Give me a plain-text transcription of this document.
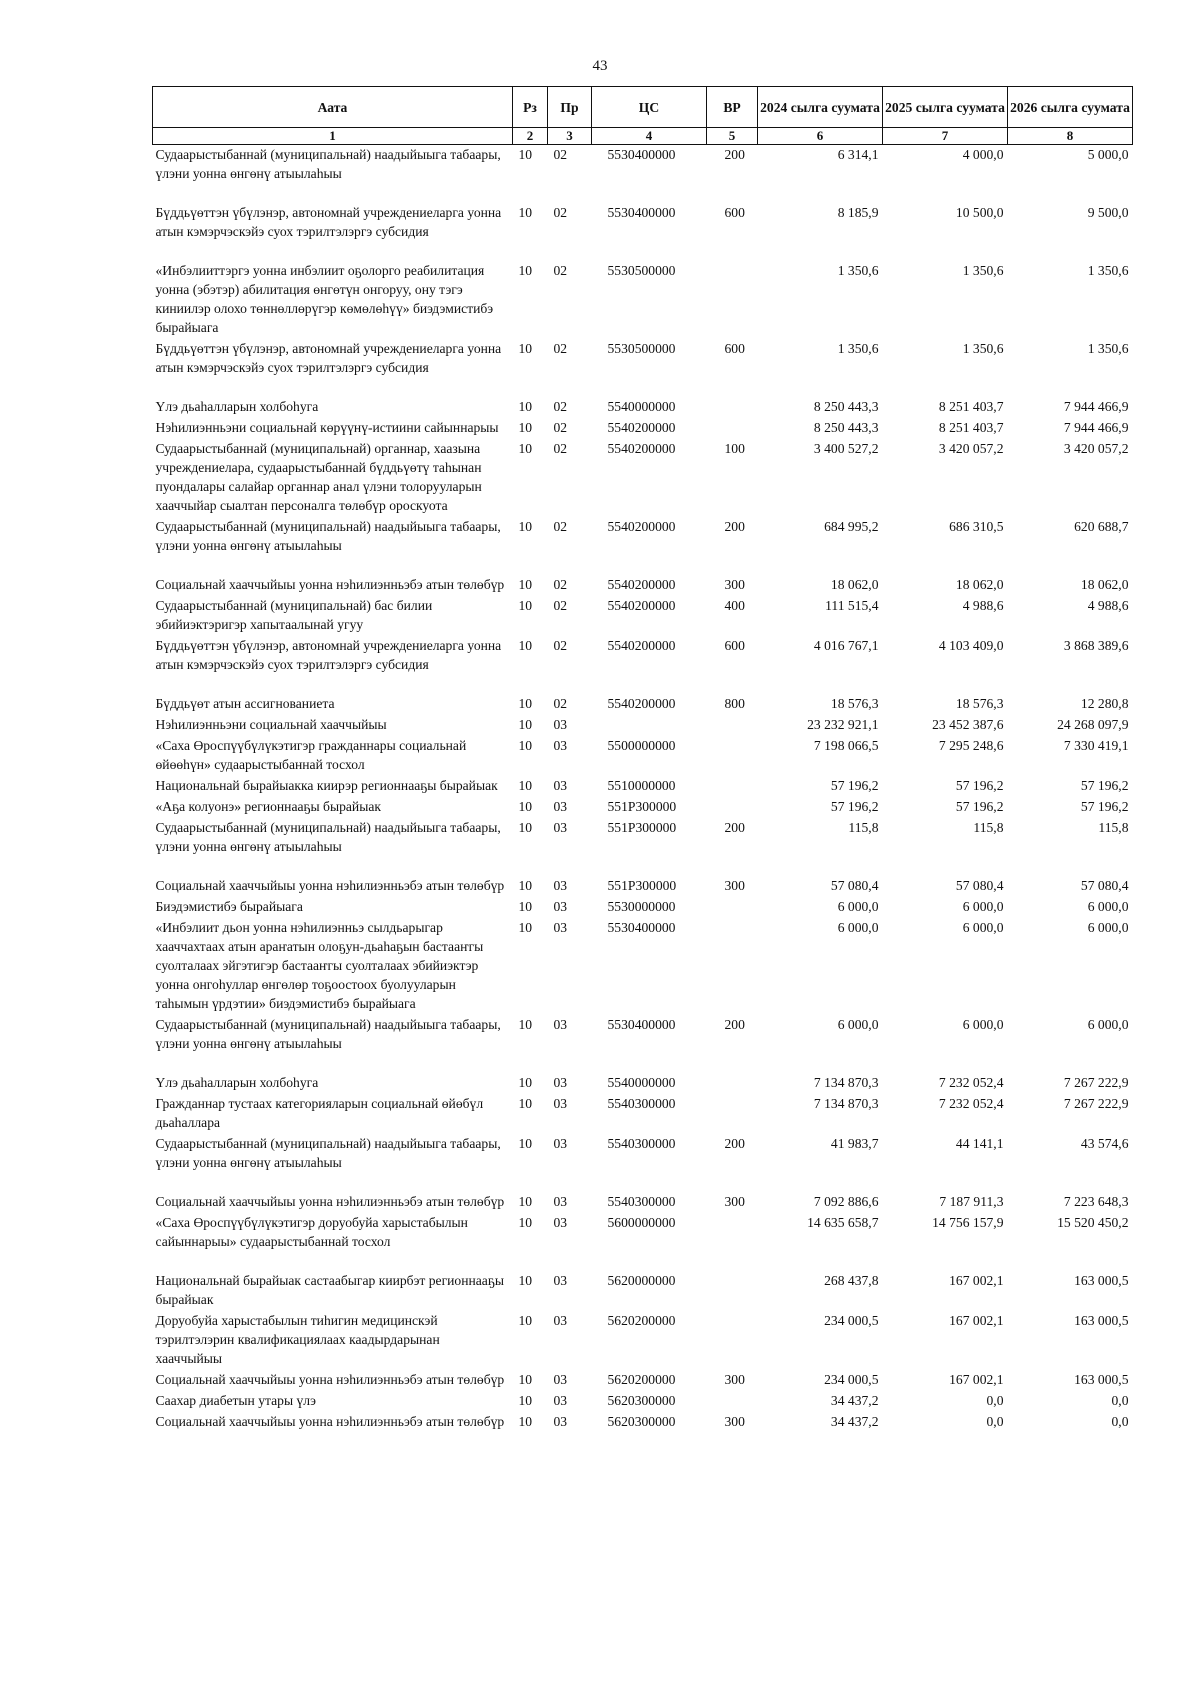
43
Аата	Рз	Пр	ЦС	ВР	2024 сылга суумата	2025 сылга суумата	2026 сылга суумата
1	2	3	4	5	6	7	8
Судаарыстыбаннай (муниципальнай) наадыйыыга табаары, үлэни уонна өнгөнү атыылаһыы	10	02	5530400000	200	6 314,1	4 000,0	5 000,0
Бүддьүөттэн үбүлэнэр, автономнай учреждениеларга уонна атын кэмэрчэскэйэ суох тэрилтэлэргэ субсидия	10	02	5530400000	600	8 185,9	10 500,0	9 500,0
«Инбэлииттэргэ уонна инбэлиит оҕолорго реабилитация уонна (эбэтэр) абилитация өнгөтүн онгоруу, ону тэгэ киниилэр олохо төннөллөрүгэр көмөлөһүү» биэдэмистибэ бырайыага	10	02	5530500000		1 350,6	1 350,6	1 350,6
Бүддьүөттэн үбүлэнэр, автономнай учреждениеларга уонна атын кэмэрчэскэйэ суох тэрилтэлэргэ субсидия	10	02	5530500000	600	1 350,6	1 350,6	1 350,6
Үлэ дьаһалларын холбоһуга	10	02	5540000000		8 250 443,3	8 251 403,7	7 944 466,9
Нэһилиэнньэни социальнай көрүүнү-истиини сайыннарыы	10	02	5540200000		8 250 443,3	8 251 403,7	7 944 466,9
Судаарыстыбаннай (муниципальнай) органнар, хаазына учреждениелара, судаарыстыбаннай бүддьүөтү таһынан пуондалары салайар органнар анал үлэни толорууларын хааччыйар сыалтан персоналга төлөбүр ороскуота	10	02	5540200000	100	3 400 527,2	3 420 057,2	3 420 057,2
Судаарыстыбаннай (муниципальнай) наадыйыыга табаары, үлэни уонна өнгөнү атыылаһыы	10	02	5540200000	200	684 995,2	686 310,5	620 688,7
Социальнай хааччыйыы уонна нэһилиэнньэбэ атын төлөбүр	10	02	5540200000	300	18 062,0	18 062,0	18 062,0
Судаарыстыбаннай (муниципальнай) бас билии эбийиэктэригэр хапытаалынай угуу	10	02	5540200000	400	111 515,4	4 988,6	4 988,6
Бүддьүөттэн үбүлэнэр, автономнай учреждениеларга уонна атын кэмэрчэскэйэ суох тэрилтэлэргэ субсидия	10	02	5540200000	600	4 016 767,1	4 103 409,0	3 868 389,6
Бүддьүөт атын ассигнованиета	10	02	5540200000	800	18 576,3	18 576,3	12 280,8
Нэһилиэнньэни социальнай хааччыйыы	10	03			23 232 921,1	23 452 387,6	24 268 097,9
«Саха Өроспүүбүлүкэтигэр гражданнары социальнай өйөөһүн» судаарыстыбаннай тосхол	10	03	5500000000		7 198 066,5	7 295 248,6	7 330 419,1
Национальнай бырайыакка киирэр регионнааҕы бырайыак	10	03	5510000000		57 196,2	57 196,2	57 196,2
«Аҕа колуонэ» регионнааҕы бырайыак	10	03	551P300000		57 196,2	57 196,2	57 196,2
Судаарыстыбаннай (муниципальнай) наадыйыыга табаары, үлэни уонна өнгөнү атыылаһыы	10	03	551P300000	200	115,8	115,8	115,8
Социальнай хааччыйыы уонна нэһилиэнньэбэ атын төлөбүр	10	03	551P300000	300	57 080,4	57 080,4	57 080,4
Биэдэмистибэ бырайыага	10	03	5530000000		6 000,0	6 000,0	6 000,0
«Инбэлиит дьон уонна нэһилиэнньэ сылдьарыгар хааччахтаах атын араҥатын олоҕун-дьаһаҕын бастааҥгы суолталаах эйгэтигэр бастааҥгы суолталаах эбийиэктэр уонна онгоһуллар өнгөлөр тоҕоостоох буолууларын таһымын үрдэтии» биэдэмистибэ бырайыага	10	03	5530400000		6 000,0	6 000,0	6 000,0
Судаарыстыбаннай (муниципальнай) наадыйыыга табаары, үлэни уонна өнгөнү атыылаһыы	10	03	5530400000	200	6 000,0	6 000,0	6 000,0
Үлэ дьаһалларын холбоһуга	10	03	5540000000		7 134 870,3	7 232 052,4	7 267 222,9
Гражданнар тустаах категорияларын социальнай өйөбүл дьаһаллара	10	03	5540300000		7 134 870,3	7 232 052,4	7 267 222,9
Судаарыстыбаннай (муниципальнай) наадыйыыга табаары, үлэни уонна өнгөнү атыылаһыы	10	03	5540300000	200	41 983,7	44 141,1	43 574,6
Социальнай хааччыйыы уонна нэһилиэнньэбэ атын төлөбүр	10	03	5540300000	300	7 092 886,6	7 187 911,3	7 223 648,3
«Саха Өроспүүбүлүкэтигэр доруобуйа харыстабылын сайыннарыы» судаарыстыбаннай тосхол	10	03	5600000000		14 635 658,7	14 756 157,9	15 520 450,2
Национальнай бырайыак састаабыгар киирбэт регионнааҕы бырайыак	10	03	5620000000		268 437,8	167 002,1	163 000,5
Доруобуйа харыстабылын тиһигин медицинскэй тэрилтэлэрин квалификациялаах каадырдарынан хааччыйыы	10	03	5620200000		234 000,5	167 002,1	163 000,5
Социальнай хааччыйыы уонна нэһилиэнньэбэ атын төлөбүр	10	03	5620200000	300	234 000,5	167 002,1	163 000,5
Саахар диабетын утары үлэ	10	03	5620300000		34 437,2	0,0	0,0
Социальнай хааччыйыы уонна нэһилиэнньэбэ атын төлөбүр	10	03	5620300000	300	34 437,2	0,0	0,0
